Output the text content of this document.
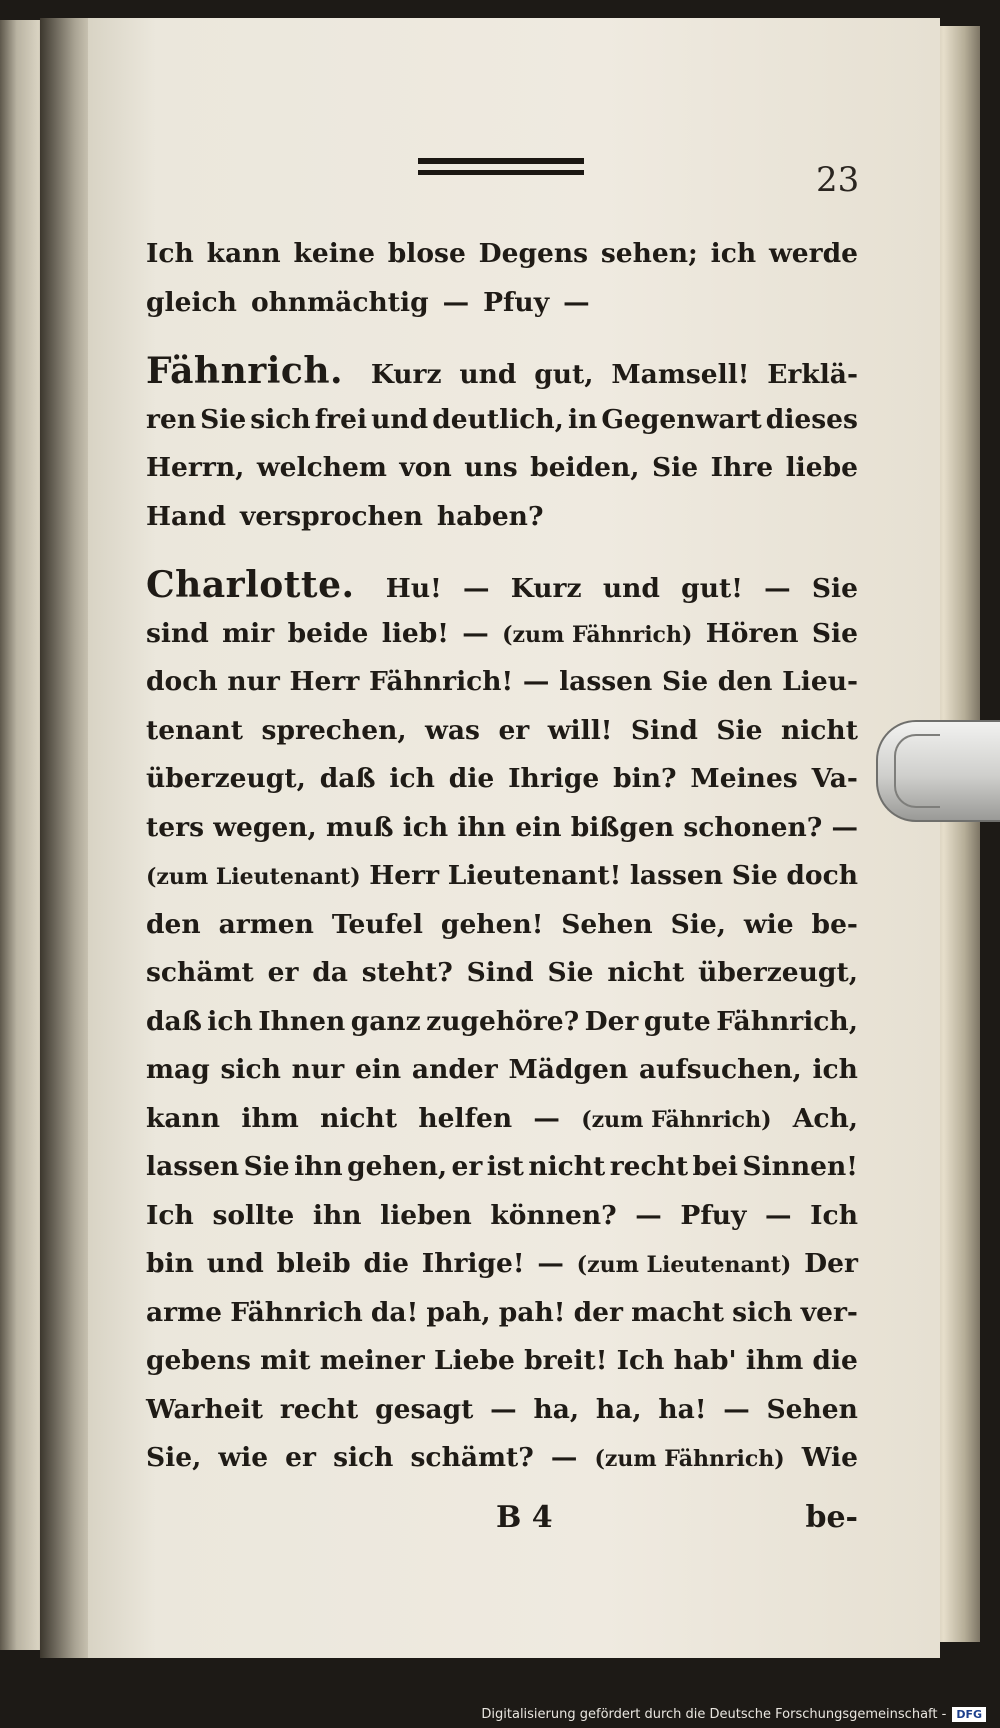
23
Ich kann keine blose Degens sehen; ich werde
gleich ohnmächtig — Pfuy —
Fähnrich. Kurz und gut, Mamsell! Erklä-
ren Sie sich frei und deutlich, in Gegenwart dieses
Herrn, welchem von uns beiden, Sie Ihre liebe
Hand versprochen haben?
Charlotte. Hu! — Kurz und gut! — Sie
sind mir beide lieb! — (zum Fähnrich) Hören Sie
doch nur Herr Fähnrich! — lassen Sie den Lieu-
tenant sprechen, was er will! Sind Sie nicht
überzeugt, daß ich die Ihrige bin? Meines Va-
ters wegen, muß ich ihn ein bißgen schonen? —
(zum Lieutenant) Herr Lieutenant! lassen Sie doch
den armen Teufel gehen! Sehen Sie, wie be-
schämt er da steht? Sind Sie nicht überzeugt,
daß ich Ihnen ganz zugehöre? Der gute Fähnrich,
mag sich nur ein ander Mädgen aufsuchen, ich
kann ihm nicht helfen — (zum Fähnrich) Ach,
lassen Sie ihn gehen, er ist nicht recht bei Sinnen!
Ich sollte ihn lieben können? — Pfuy — Ich
bin und bleib die Ihrige! — (zum Lieutenant) Der
arme Fähnrich da! pah, pah! der macht sich ver-
gebens mit meiner Liebe breit! Ich hab' ihm die
Warheit recht gesagt — ha, ha, ha! — Sehen
Sie, wie er sich schämt? — (zum Fähnrich) Wie
B 4	be-
Digitalisierung gefördert durch die Deutsche Forschungsgemeinschaft - DFG
